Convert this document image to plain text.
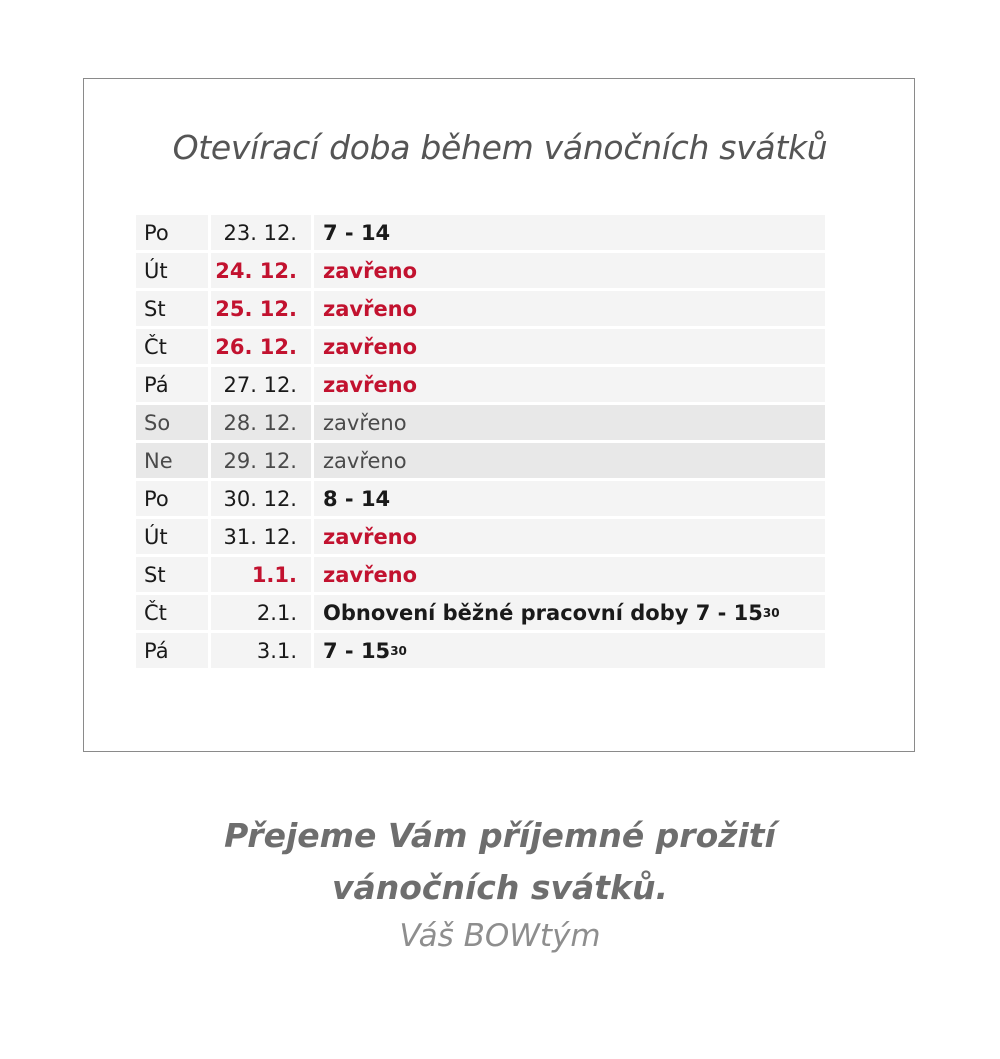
Otevírací doba během vánočních svátků
Po	23. 12.	7 - 14
Út	24. 12.	zavřeno
St	25. 12.	zavřeno
Čt	26. 12.	zavřeno
Pá	27. 12.	zavřeno
So	28. 12.	zavřeno
Ne	29. 12.	zavřeno
Po	30. 12.	8 - 14
Út	31. 12.	zavřeno
St	1.1.	zavřeno
Čt	2.1.	Obnovení běžné pracovní doby 7 - 15 30
Pá	3.1.	7 - 15 30
Přejeme Vám příjemné prožití
vánočních svátků.
Váš BOWtým
